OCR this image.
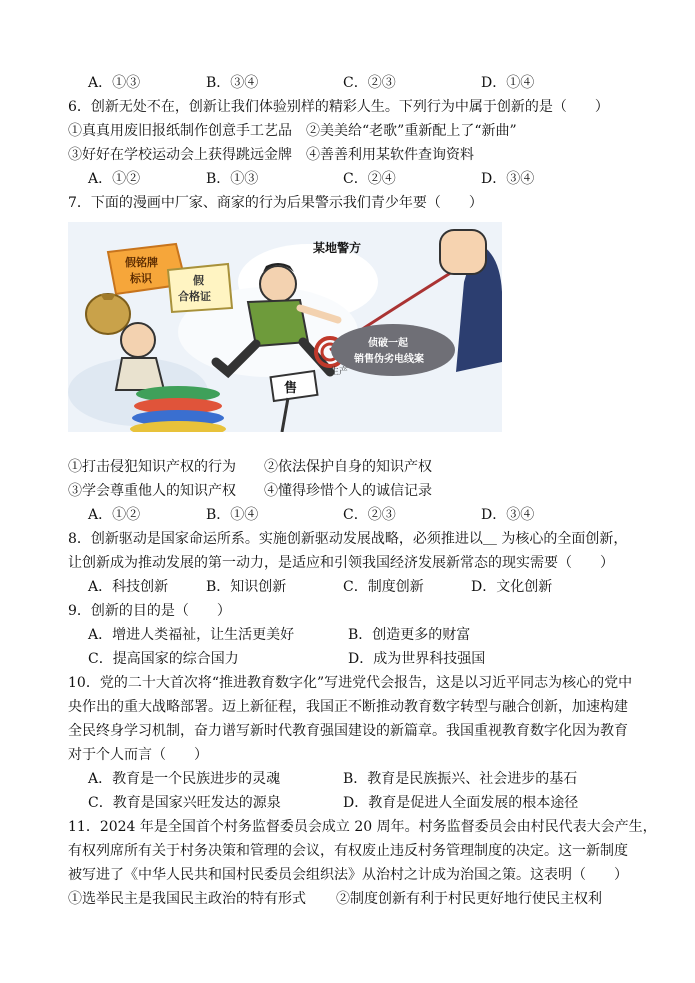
A．①③	B．③④	C．②③	D．①④
6．创新无处不在，创新让我们体验别样的精彩人生。下列行为中属于创新的是（　　）
①真真用废旧报纸制作创意手工艺品 ②美美给“老歌”重新配上了“新曲”
③好好在学校运动会上获得跳远金牌 ④善善利用某软件查询资料
A．①②	B．①③	C．②④	D．③④
7．下面的漫画中厂家、商家的行为后果警示我们青少年要（　　）
假铭牌
标识	假
合格证
某地警方
侦破一起
销售伪劣电线案
生产
售
①打击侵犯知识产权的行为 ②依法保护自身的知识产权
③学会尊重他人的知识产权 ④懂得珍惜个人的诚信记录
A．①②	B．①④	C．②③	D．③④
8．创新驱动是国家命运所系。实施创新驱动发展战略，必须推进以＿ 为核心的全面创新，
让创新成为推动发展的第一动力，是适应和引领我国经济发展新常态的现实需要（　　）
A．科技创新	B．知识创新	C．制度创新	D．文化创新
9．创新的目的是（　　）
A．增进人类福祉，让生活更美好	B．创造更多的财富
C．提高国家的综合国力	D．成为世界科技强国
10．党的二十大首次将“推进教育数字化”写进党代会报告，这是以习近平同志为核心的党中
央作出的重大战略部署。迈上新征程，我国正不断推动教育数字转型与融合创新，加速构建
全民终身学习机制，奋力谱写新时代教育强国建设的新篇章。我国重视教育数字化因为教育
对于个人而言（　　）
A．教育是一个民族进步的灵魂	B．教育是民族振兴、社会进步的基石
C．教育是国家兴旺发达的源泉	D．教育是促进人全面发展的根本途径
11．2024 年是全国首个村务监督委员会成立 20 周年。村务监督委员会由村民代表大会产生，
有权列席所有关于村务决策和管理的会议，有权废止违反村务管理制度的决定。这一新制度
被写进了《中华人民共和国村民委员会组织法》从治村之计成为治国之策。这表明（　　）
①选举民主是我国民主政治的特有形式 ②制度创新有利于村民更好地行使民主权利
